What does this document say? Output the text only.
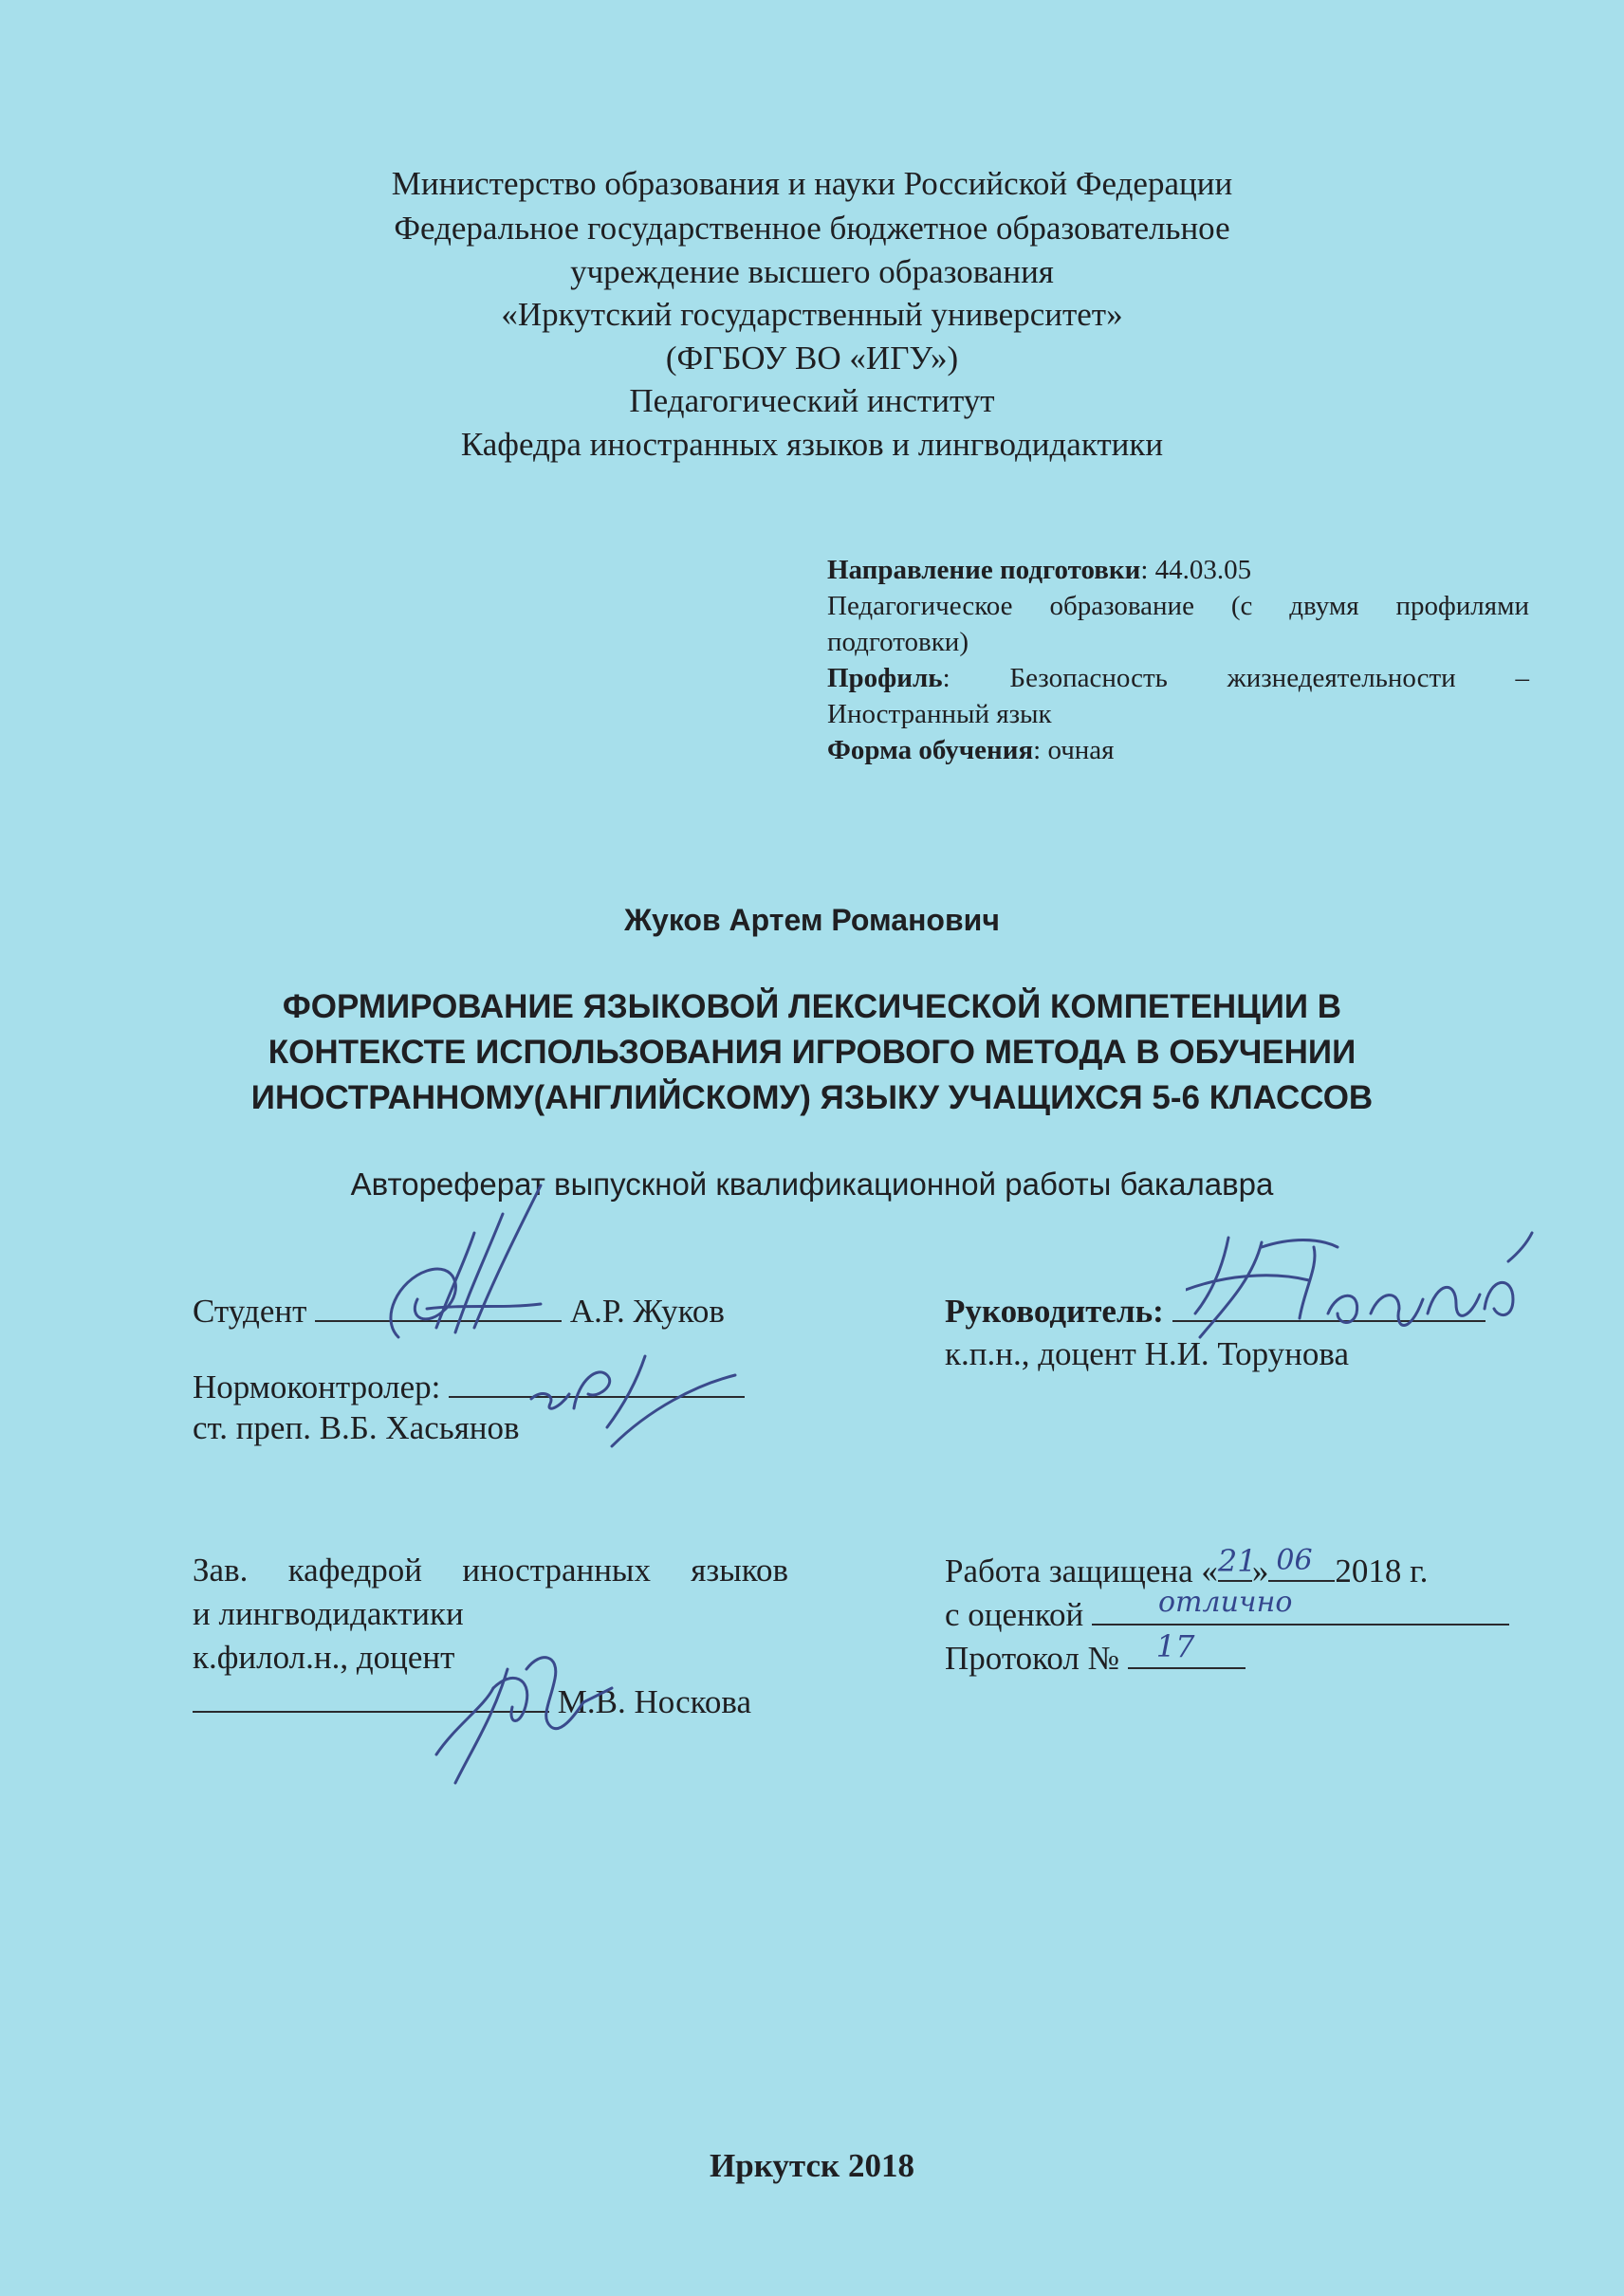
Министерство образования и науки Российской Федерации
Федеральное государственное бюджетное образовательное
учреждение высшего образования
«Иркутский государственный университет»
(ФГБОУ ВО «ИГУ»)
Педагогический институт
Кафедра иностранных языков и лингводидактики
Направление подготовки: 44.03.05
Педагогическое образование (с двумя профилями
подготовки)
Профиль: Безопасность жизнедеятельности –
Иностранный язык
Форма обучения: очная
Жуков Артем Романович
ФОРМИРОВАНИЕ ЯЗЫКОВОЙ ЛЕКСИЧЕСКОЙ КОМПЕТЕНЦИИ В
КОНТЕКСТЕ ИСПОЛЬЗОВАНИЯ ИГРОВОГО МЕТОДА В ОБУЧЕНИИ
ИНОСТРАННОМУ(АНГЛИЙСКОМУ) ЯЗЫКУ УЧАЩИХСЯ 5-6 КЛАССОВ
Автореферат выпускной квалификационной работы бакалавра
Студент	А.Р. Жуков
Нормоконтролер:
ст. преп. В.Б. Хасьянов
Зав. кафедрой иностранных языков
и лингводидактики
к.филол.н., доцент
М.В. Носкова
Руководитель:
к.п.н., доцент Н.И. Торунова
Работа защищена « 21
» 06 2018 г.
с оценкой	отлично
Протокол № 17
Иркутск 2018
